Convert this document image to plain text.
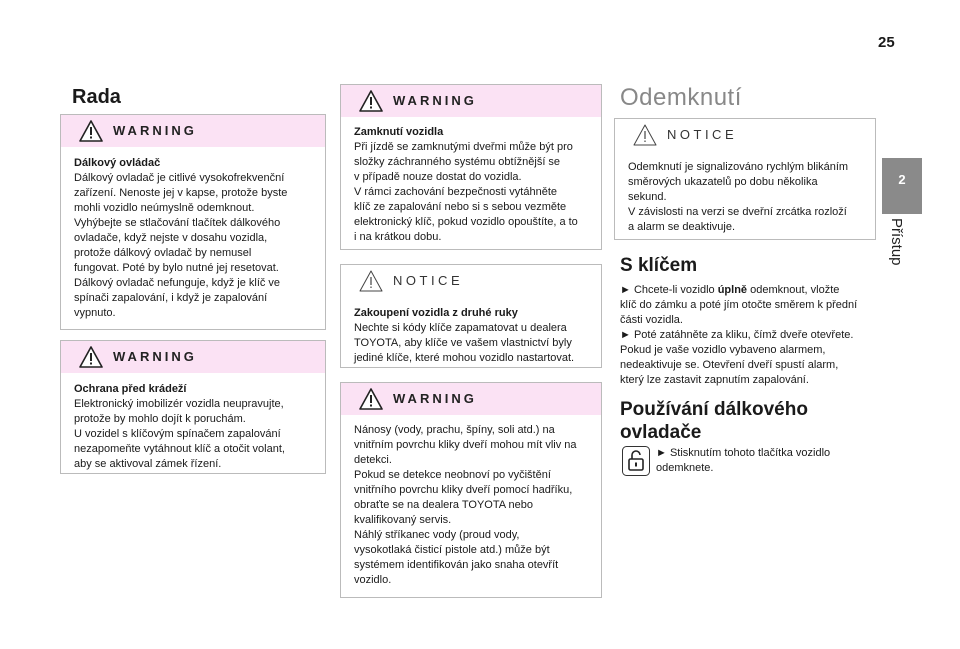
25
2
Přístup
Rada
WARNING
Dálkový ovládač

Dálkový ovladač je citlivé vysokofrekvenční
zařízení. Nenoste jej v kapse, protože byste
mohli vozidlo neúmyslně odemknout.
Vyhýbejte se stlačování tlačítek dálkového
ovladače, když nejste v dosahu vozidla,
protože dálkový ovladač by nemusel
fungovat. Poté by bylo nutné jej resetovat.
Dálkový ovladač nefunguje, když je klíč ve
spínači zapalování, i když je zapalování
vypnuto.

WARNING
Ochrana před krádeží

Elektronický imobilizér vozidla neupravujte,
protože by mohlo dojít k poruchám.
U vozidel s klíčovým spínačem zapalování
nezapomeňte vytáhnout klíč a otočit volant,
aby se aktivoval zámek řízení.

WARNING
Zamknutí vozidla

Při jízdě se zamknutými dveřmi může být pro
složky záchranného systému obtížnější se
v případě nouze dostat do vozidla.
V rámci zachování bezpečnosti vytáhněte
klíč ze zapalování nebo si s sebou vezměte
elektronický klíč, pokud vozidlo opouštíte, a to
i na krátkou dobu.

NOTICE
Zakoupení vozidla z druhé ruky

Nechte si kódy klíče zapamatovat u dealera
TOYOTA, aby klíče ve vašem vlastnictví byly
jediné klíče, které mohou vozidlo nastartovat.

WARNING

Nánosy (vody, prachu, špíny, soli atd.) na
vnitřním povrchu kliky dveří mohou mít vliv na
detekci.
Pokud se detekce neobnoví po vyčištění
vnitřního povrchu kliky dveří pomocí hadříku,
obraťte se na dealera TOYOTA nebo
kvalifikovaný servis.
Náhlý stříkanec vody (proud vody,
vysokotlaká čisticí pistole atd.) může být
systémem identifikován jako snaha otevřít
vozidlo.

Odemknutí
NOTICE

Odemknutí je signalizováno rychlým blikáním
směrových ukazatelů po dobu několika
sekund.
V závislosti na verzi se dveřní zrcátka rozloží
a alarm se deaktivuje.

S klíčem
► Chcete-li vozidlo úplně odemknout, vložte
klíč do zámku a poté jím otočte směrem k přední
části vozidla.
► Poté zatáhněte za kliku, čímž dveře otevřete.
Pokud je vaše vozidlo vybaveno alarmem,
nedeaktivuje se. Otevření dveří spustí alarm,
který lze zastavit zapnutím zapalování.
Používání dálkového ovladače
► Stisknutím tohoto tlačítka vozidlo
odemknete.
